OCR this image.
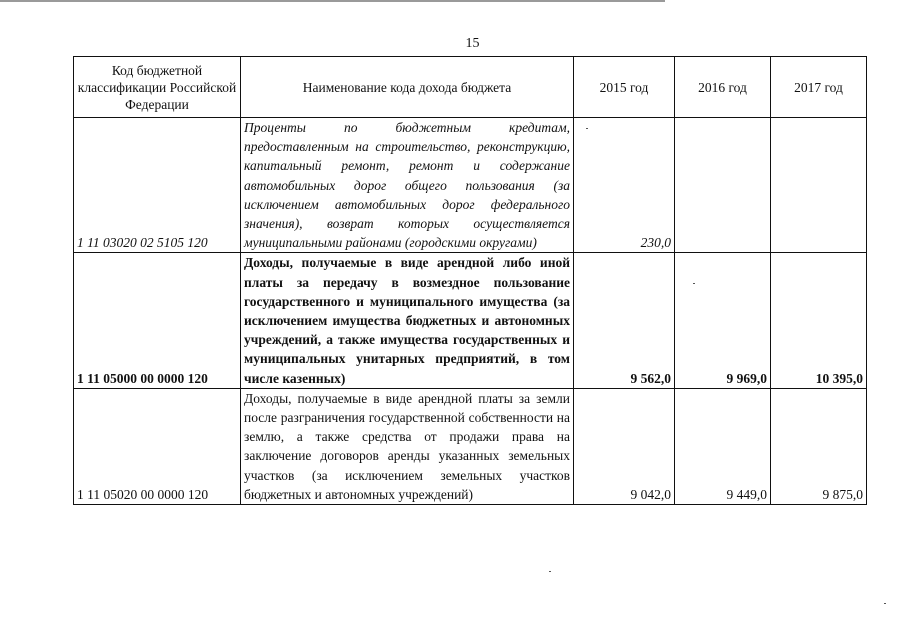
15
Код бюджетной классификации Российской Федерации	Наименование кода дохода бюджета	2015 год	2016 год	2017 год
1 11 03020 02 5105 120	Проценты по бюджетным кредитам, предоставленным на строительство, реконструкцию, капитальный ремонт, ремонт и содержание автомобильных дорог общего пользования (за исключением автомобильных дорог федерального значения), возврат которых осуществляется муниципальными районами (городскими округами)	230,0		
1 11 05000 00 0000 120	Доходы, получаемые в виде арендной либо иной платы за передачу в возмездное пользование государственного и муниципального имущества (за исключением имущества бюджетных и автономных учреждений, а также имущества государственных и муниципальных унитарных предприятий, в том числе казенных)	9 562,0	9 969,0	10 395,0
1 11 05020 00 0000 120	Доходы, получаемые в виде арендной платы за земли после разграничения государственной собственности на землю, а также средства от продажи права на заключение договоров аренды указанных земельных участков (за исключением земельных участков бюджетных и автономных учреждений)	9 042,0	9 449,0	9 875,0
